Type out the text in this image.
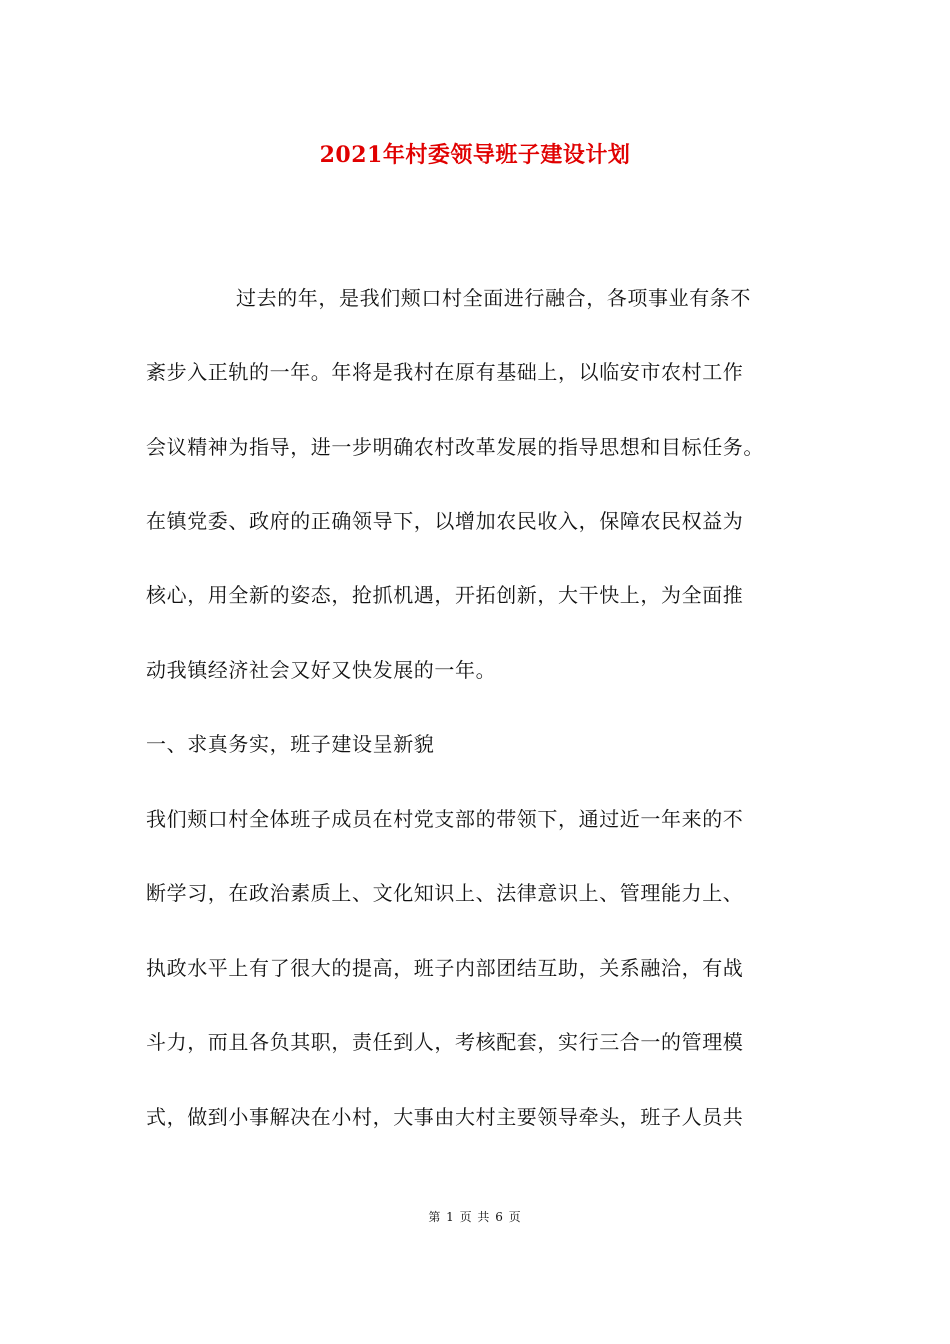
2021年村委领导班子建设计划
过去的年，是我们颊口村全面进行融合，各项事业有条不
紊步入正轨的一年。年将是我村在原有基础上，以临安市农村工作
会议精神为指导，进一步明确农村改革发展的指导思想和目标任务。
在镇党委、政府的正确领导下，以增加农民收入，保障农民权益为
核心，用全新的姿态，抢抓机遇，开拓创新，大干快上，为全面推
动我镇经济社会又好又快发展的一年。
一、求真务实，班子建设呈新貌
我们颊口村全体班子成员在村党支部的带领下，通过近一年来的不
断学习，在政治素质上、文化知识上、法律意识上、管理能力上、
执政水平上有了很大的提高，班子内部团结互助，关系融洽，有战
斗力，而且各负其职，责任到人，考核配套，实行三合一的管理模
式，做到小事解决在小村，大事由大村主要领导牵头，班子人员共
第 1 页 共 6 页
